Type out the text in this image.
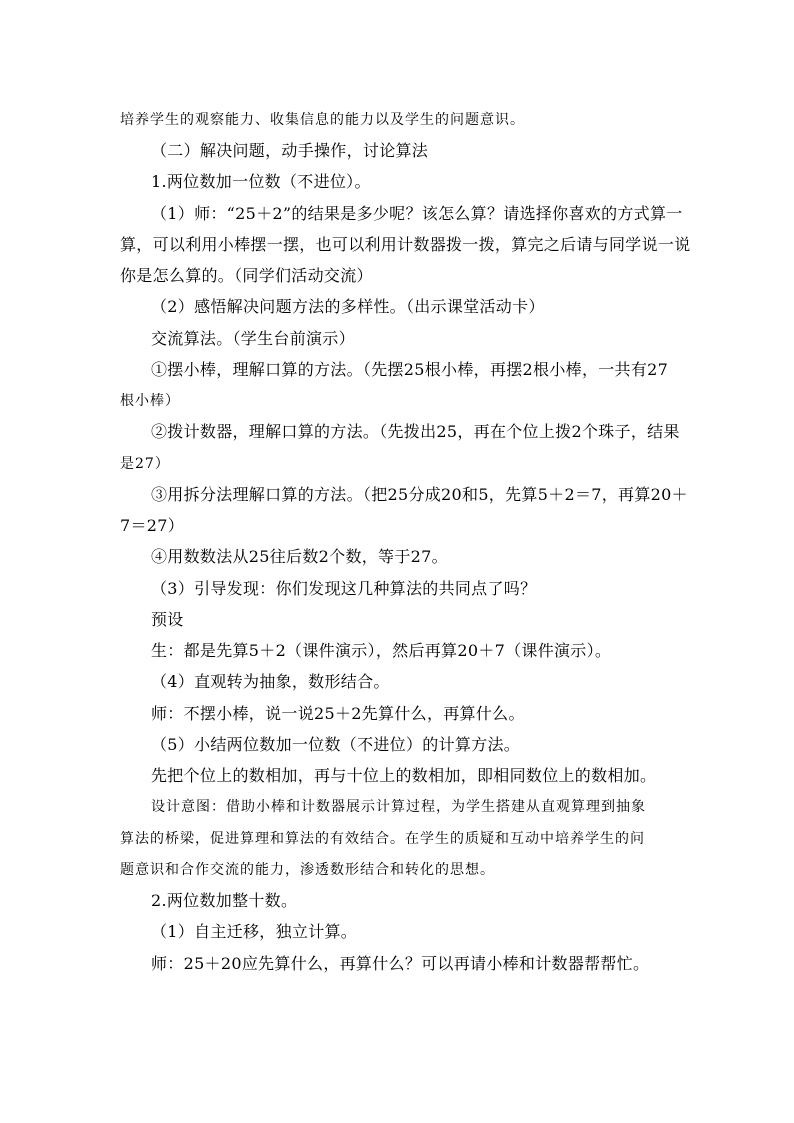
培养学生的观察能力、收集信息的能力以及学生的问题意识。
（二）解决问题，动手操作，讨论算法
1.两位数加一位数（不进位）。
（1）师：“25＋2”的结果是多少呢？该怎么算？请选择你喜欢的方式算一
算，可以利用小棒摆一摆，也可以利用计数器拨一拨，算完之后请与同学说一说
你是怎么算的。（同学们活动交流）
（2）感悟解决问题方法的多样性。（出示课堂活动卡）
交流算法。（学生台前演示）
①摆小棒，理解口算的方法。（先摆25根小棒，再摆2根小棒，一共有27
根小棒）
②拨计数器，理解口算的方法。（先拨出25，再在个位上拨2个珠子，结果
是27）
③用拆分法理解口算的方法。（把25分成20和5，先算5＋2＝7，再算20＋
7＝27）
④用数数法从25往后数2个数，等于27。
（3）引导发现：你们发现这几种算法的共同点了吗？
预设
生：都是先算5＋2（课件演示），然后再算20＋7（课件演示）。
（4）直观转为抽象，数形结合。
师：不摆小棒，说一说25＋2先算什么，再算什么。
（5）小结两位数加一位数（不进位）的计算方法。
先把个位上的数相加，再与十位上的数相加，即相同数位上的数相加。
设计意图：借助小棒和计数器展示计算过程，为学生搭建从直观算理到抽象
算法的桥梁，促进算理和算法的有效结合。在学生的质疑和互动中培养学生的问
题意识和合作交流的能力，渗透数形结合和转化的思想。
2.两位数加整十数。
（1）自主迁移，独立计算。
师：25＋20应先算什么，再算什么？可以再请小棒和计数器帮帮忙。
